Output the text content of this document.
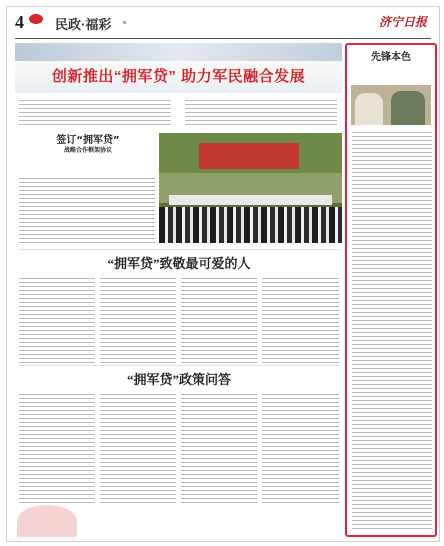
4 民政·福彩	济宁日报
创新推出“拥军贷” 助力军民融合发展
签订“拥军贷”
战略合作框架协议
“拥军贷”致敬最可爱的人
“拥军贷”政策问答
先锋本色
